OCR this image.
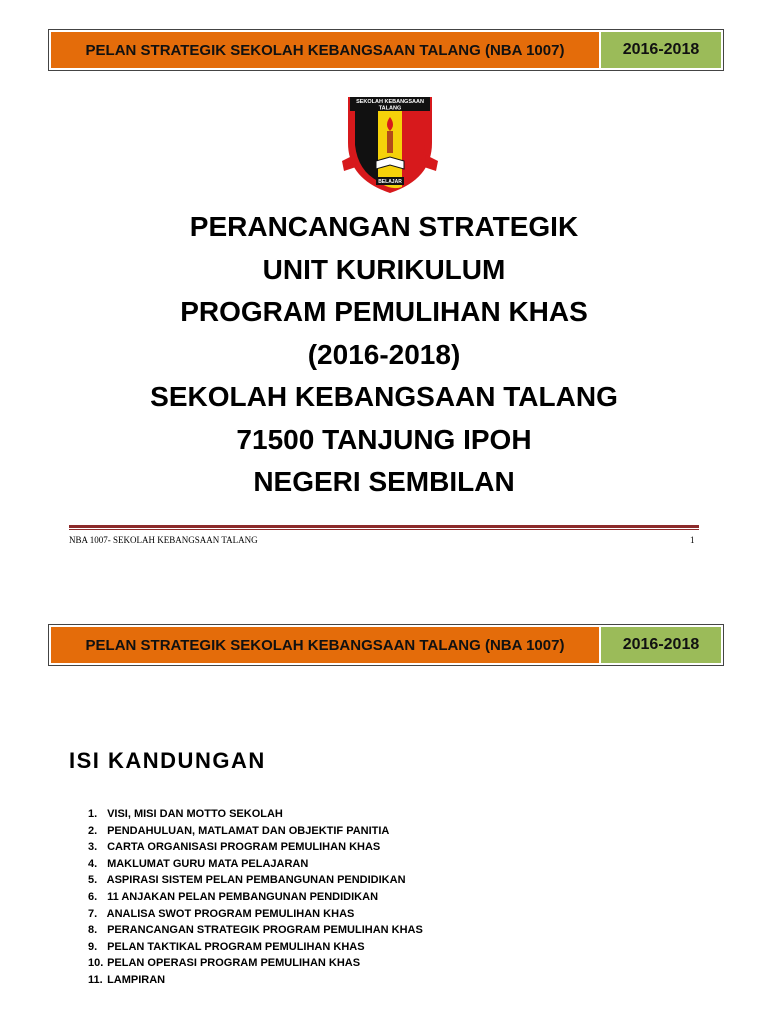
PELAN STRATEGIK SEKOLAH KEBANGSAAN TALANG (NBA 1007)	2016-2018
SEKOLAH KEBANGSAAN
TALANG
BELAJAR
PERANCANGAN STRATEGIK
UNIT KURIKULUM
PROGRAM PEMULIHAN KHAS
(2016-2018)
SEKOLAH KEBANGSAAN TALANG
71500 TANJUNG IPOH
NEGERI SEMBILAN
NBA 1007- SEKOLAH KEBANGSAAN TALANG	1
PELAN STRATEGIK SEKOLAH KEBANGSAAN TALANG (NBA 1007)	2016-2018
ISI KANDUNGAN
1. VISI, MISI DAN MOTTO SEKOLAH
2. PENDAHULUAN, MATLAMAT DAN OBJEKTIF PANITIA
3. CARTA ORGANISASI PROGRAM PEMULIHAN KHAS
4. MAKLUMAT GURU MATA PELAJARAN
5. ASPIRASI SISTEM PELAN PEMBANGUNAN PENDIDIKAN
6. 11 ANJAKAN PELAN PEMBANGUNAN PENDIDIKAN
7. ANALISA SWOT PROGRAM PEMULIHAN KHAS
8. PERANCANGAN STRATEGIK PROGRAM PEMULIHAN KHAS
9. PELAN TAKTIKAL PROGRAM PEMULIHAN KHAS
10. PELAN OPERASI PROGRAM PEMULIHAN KHAS
11. LAMPIRAN
